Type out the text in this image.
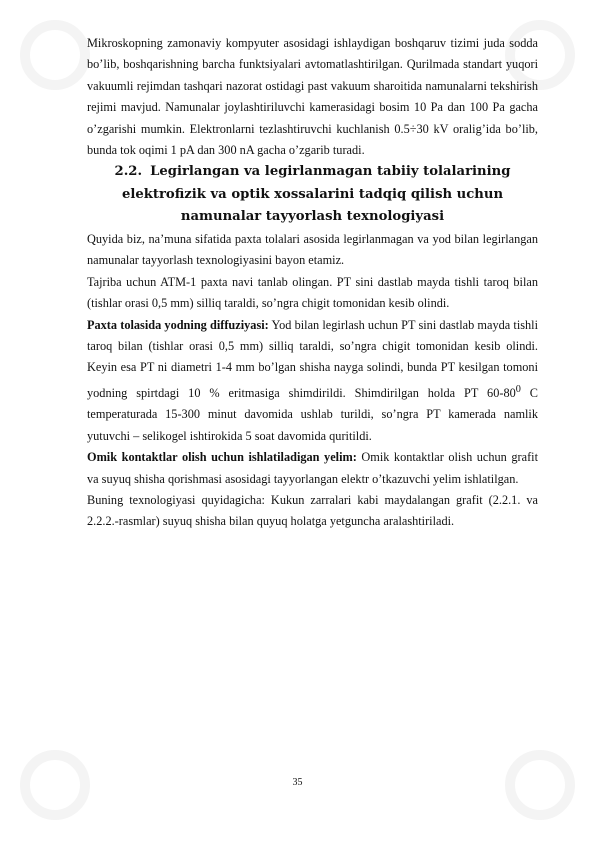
Mikroskopning zamonaviy kompyuter asosidagi ishlaydigan boshqaruv tizimi juda sodda bo’lib, boshqarishning barcha funktsiyalari avtomatlashtirilgan. Qurilmada standart yuqori vakuumli rejimdan tashqari nazorat ostidagi past vakuum sharoitida namunalarni tekshirish rejimi mavjud. Namunalar joylashtiriluvchi kamerasidagi bosim 10 Pa dan 100 Pa gacha o’zgarishi mumkin. Elektronlarni tezlashtiruvchi kuchlanish 0.5÷30 kV oralig’ida bo’lib, bunda tok oqimi 1 pA dan 300 nA gacha o’zgarib turadi.

2.2. Legirlangan va legirlanmagan tabiiy tolalarining elektrofizik va optik xossalarini tadqiq qilish uchun namunalar tayyorlash texnologiyasi

Quyida biz, na’muna sifatida paxta tolalari asosida legirlanmagan va yod bilan legirlangan namunalar tayyorlash texnologiyasini bayon etamiz.

Tajriba uchun ATM-1 paxta navi tanlab olingan. PT sini dastlab mayda tishli taroq bilan (tishlar orasi 0,5 mm) silliq taraldi, so’ngra chigit tomonidan kesib olindi.

Paxta tolasida yodning diffuziyasi: Yod bilan legirlash uchun PT sini dastlab mayda tishli taroq bilan (tishlar orasi 0,5 mm) silliq taraldi, so’ngra chigit tomonidan kesib olindi. Keyin esa PT ni diametri 1-4 mm bo’lgan shisha nayga solindi, bunda PT kesilgan tomoni yodning spirtdagi 10 % eritmasiga shimdirildi. Shimdirilgan holda PT $60-80^0$ C temperaturada 15-300 minut davomida ushlab turildi, so’ngra PT kamerada namlik yutuvchi – selikogel ishtirokida 5 soat davomida quritildi.

Omik kontaktlar olish uchun ishlatiladigan yelim: Omik kontaktlar olish uchun grafit va suyuq shisha qorishmasi asosidagi tayyorlangan elektr o’tkazuvchi yelim ishlatilgan.

Buning texnologiyasi quyidagicha: Kukun zarralari kabi maydalangan grafit (2.2.1. va 2.2.2.-rasmlar) suyuq shisha bilan quyuq holatga yetguncha aralashtiriladi.

35
